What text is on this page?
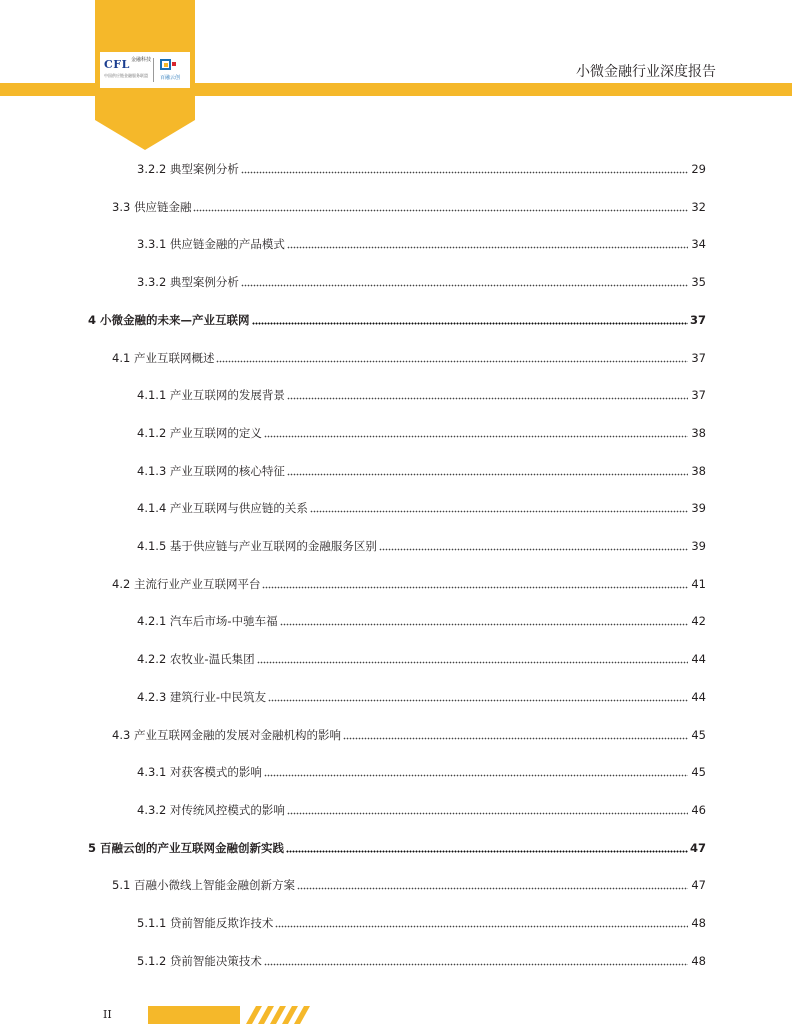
CFL 金融科技
中国供应链金融服务联盟 百融云创	小微金融行业深度报告
3.2.2 典型案例分析	29
3.3 供应链金融	32
3.3.1 供应链金融的产品模式	34
3.3.2 典型案例分析	35
4 小微金融的未来—产业互联网	37
4.1 产业互联网概述	37
4.1.1 产业互联网的发展背景	37
4.1.2 产业互联网的定义	38
4.1.3 产业互联网的核心特征	38
4.1.4 产业互联网与供应链的关系	39
4.1.5 基于供应链与产业互联网的金融服务区别	39
4.2 主流行业产业互联网平台	41
4.2.1 汽车后市场-中驰车福	42
4.2.2 农牧业-温氏集团	44
4.2.3 建筑行业-中民筑友	44
4.3 产业互联网金融的发展对金融机构的影响	45
4.3.1 对获客模式的影响	45
4.3.2 对传统风控模式的影响	46
5 百融云创的产业互联网金融创新实践	47
5.1 百融小微线上智能金融创新方案	47
5.1.1 贷前智能反欺诈技术	48
5.1.2 贷前智能决策技术	48
II
